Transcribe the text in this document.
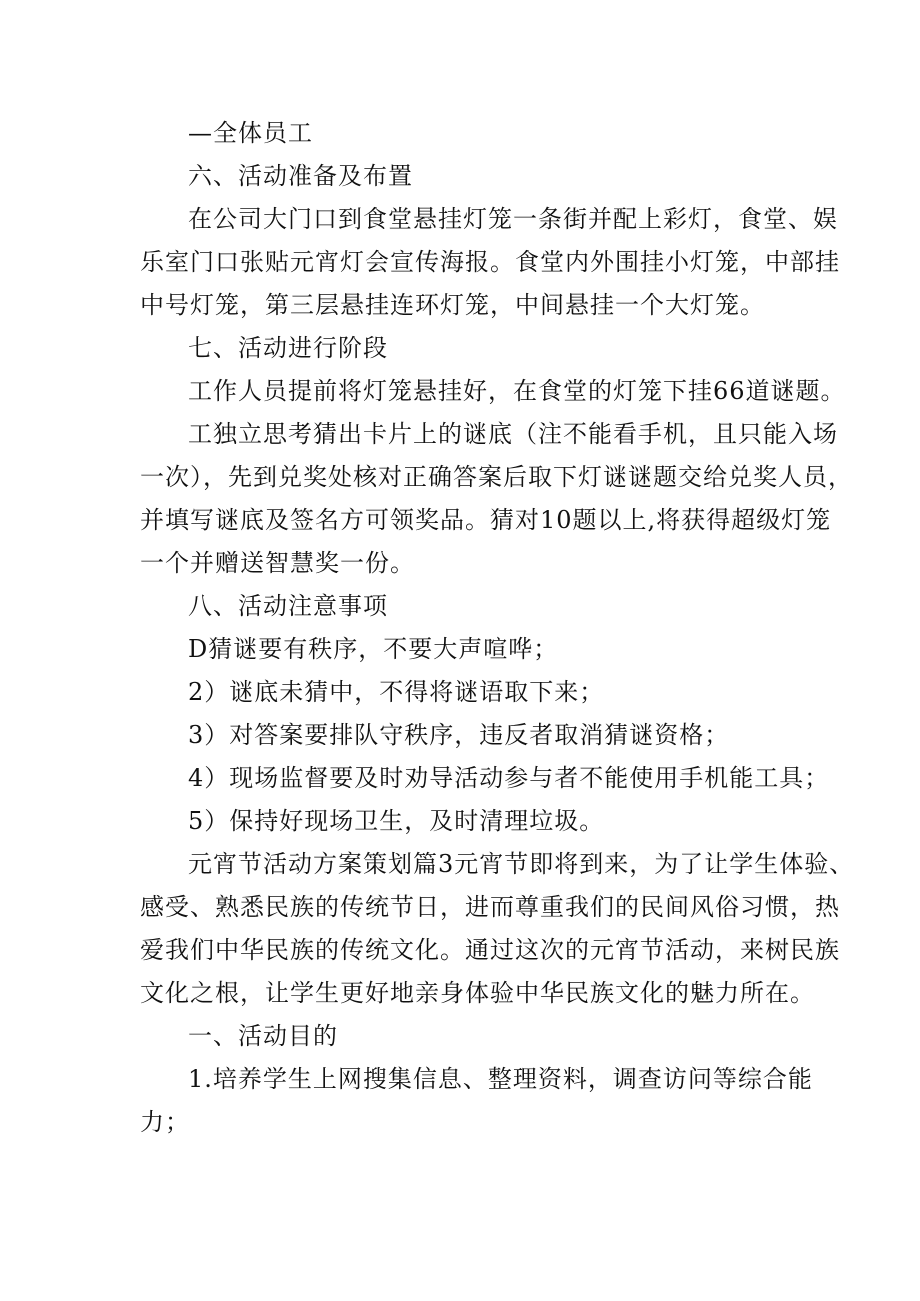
—全体员工
六、活动准备及布置
在公司大门口到食堂悬挂灯笼一条街并配上彩灯，食堂、娱
乐室门口张贴元宵灯会宣传海报。食堂内外围挂小灯笼，中部挂
中号灯笼，第三层悬挂连环灯笼，中间悬挂一个大灯笼。
七、活动进行阶段
工作人员提前将灯笼悬挂好，在食堂的灯笼下挂66道谜题。
工独立思考猜出卡片上的谜底（注不能看手机，且只能入场
一次），先到兑奖处核对正确答案后取下灯谜谜题交给兑奖人员，
并填写谜底及签名方可领奖品。猜对10题以上,将获得超级灯笼
一个并赠送智慧奖一份。
八、活动注意事项
D猜谜要有秩序，不要大声喧哗；
2）谜底未猜中，不得将谜语取下来；
3）对答案要排队守秩序，违反者取消猜谜资格；
4）现场监督要及时劝导活动参与者不能使用手机能工具；
5）保持好现场卫生，及时清理垃圾。
元宵节活动方案策划篇3元宵节即将到来，为了让学生体验、
感受、熟悉民族的传统节日，进而尊重我们的民间风俗习惯，热
爱我们中华民族的传统文化。通过这次的元宵节活动，来树民族
文化之根，让学生更好地亲身体验中华民族文化的魅力所在。
一、活动目的
1.培养学生上网搜集信息、整理资料，调查访问等综合能
力；
